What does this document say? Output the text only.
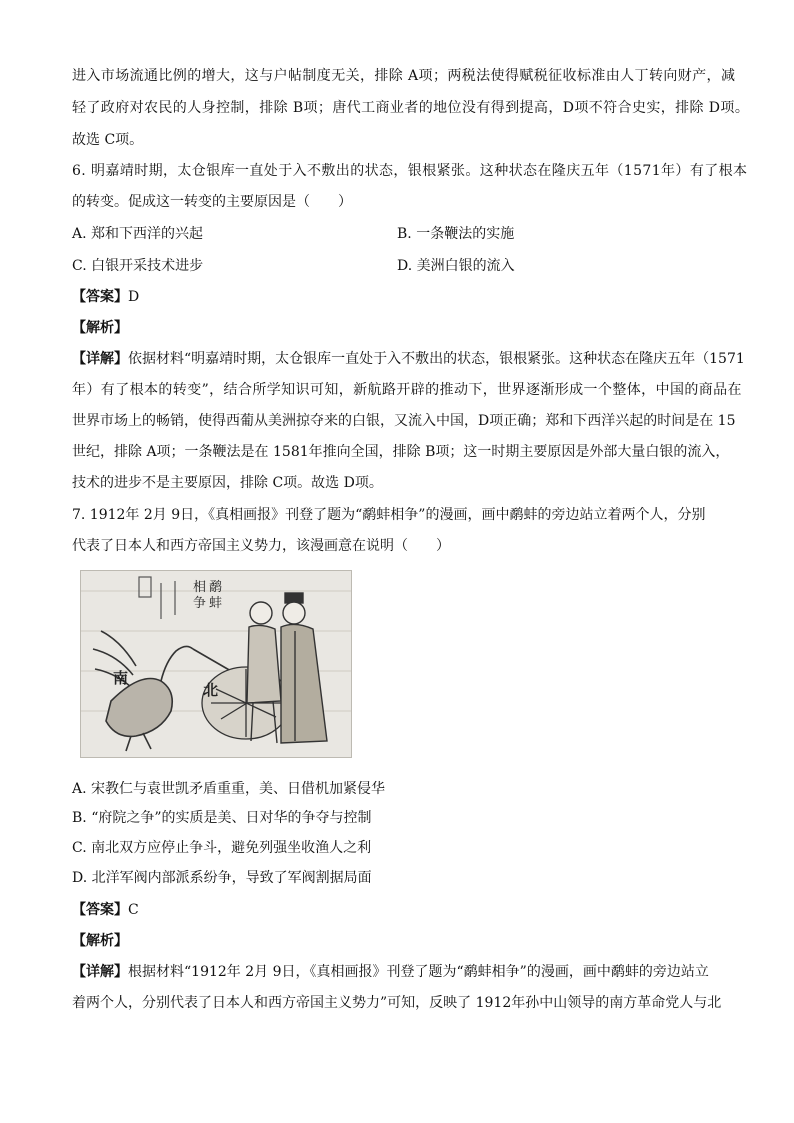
进入市场流通比例的增大，这与户帖制度无关，排除 A项；两税法使得赋税征收标准由人丁转向财产，减
轻了政府对农民的人身控制，排除 B项；唐代工商业者的地位没有得到提高，D项不符合史实，排除 D项。
故选 C项。
6. 明嘉靖时期，太仓银库一直处于入不敷出的状态，银根紧张。这种状态在隆庆五年（1571年）有了根本
的转变。促成这一转变的主要原因是（　　）
A. 郑和下西洋的兴起	B. 一条鞭法的实施
C. 白银开采技术进步	D. 美洲白银的流入
【答案】D
【解析】
【详解】依据材料“明嘉靖时期，太仓银库一直处于入不敷出的状态，银根紧张。这种状态在隆庆五年（1571
年）有了根本的转变”，结合所学知识可知，新航路开辟的推动下，世界逐渐形成一个整体，中国的商品在
世界市场上的畅销，使得西葡从美洲掠夺来的白银，又流入中国，D项正确；郑和下西洋兴起的时间是在 15
世纪，排除 A项；一条鞭法是在 1581年推向全国，排除 B项；这一时期主要原因是外部大量白银的流入，
技术的进步不是主要原因，排除 C项。故选 D项。
7. 1912年 2月 9日，《真相画报》刊登了题为“鹬蚌相争”的漫画，画中鹬蚌的旁边站立着两个人，分别
代表了日本人和西方帝国主义势力，该漫画意在说明（　　）
鹬 蚌 相 争
南
北
A. 宋教仁与袁世凯矛盾重重，美、日借机加紧侵华
B. “府院之争”的实质是美、日对华的争夺与控制
C. 南北双方应停止争斗，避免列强坐收渔人之利
D. 北洋军阀内部派系纷争，导致了军阀割据局面
【答案】C
【解析】
【详解】根据材料“1912年 2月 9日，《真相画报》刊登了题为“鹬蚌相争”的漫画，画中鹬蚌的旁边站立
着两个人，分别代表了日本人和西方帝国主义势力”可知，反映了 1912年孙中山领导的南方革命党人与北
